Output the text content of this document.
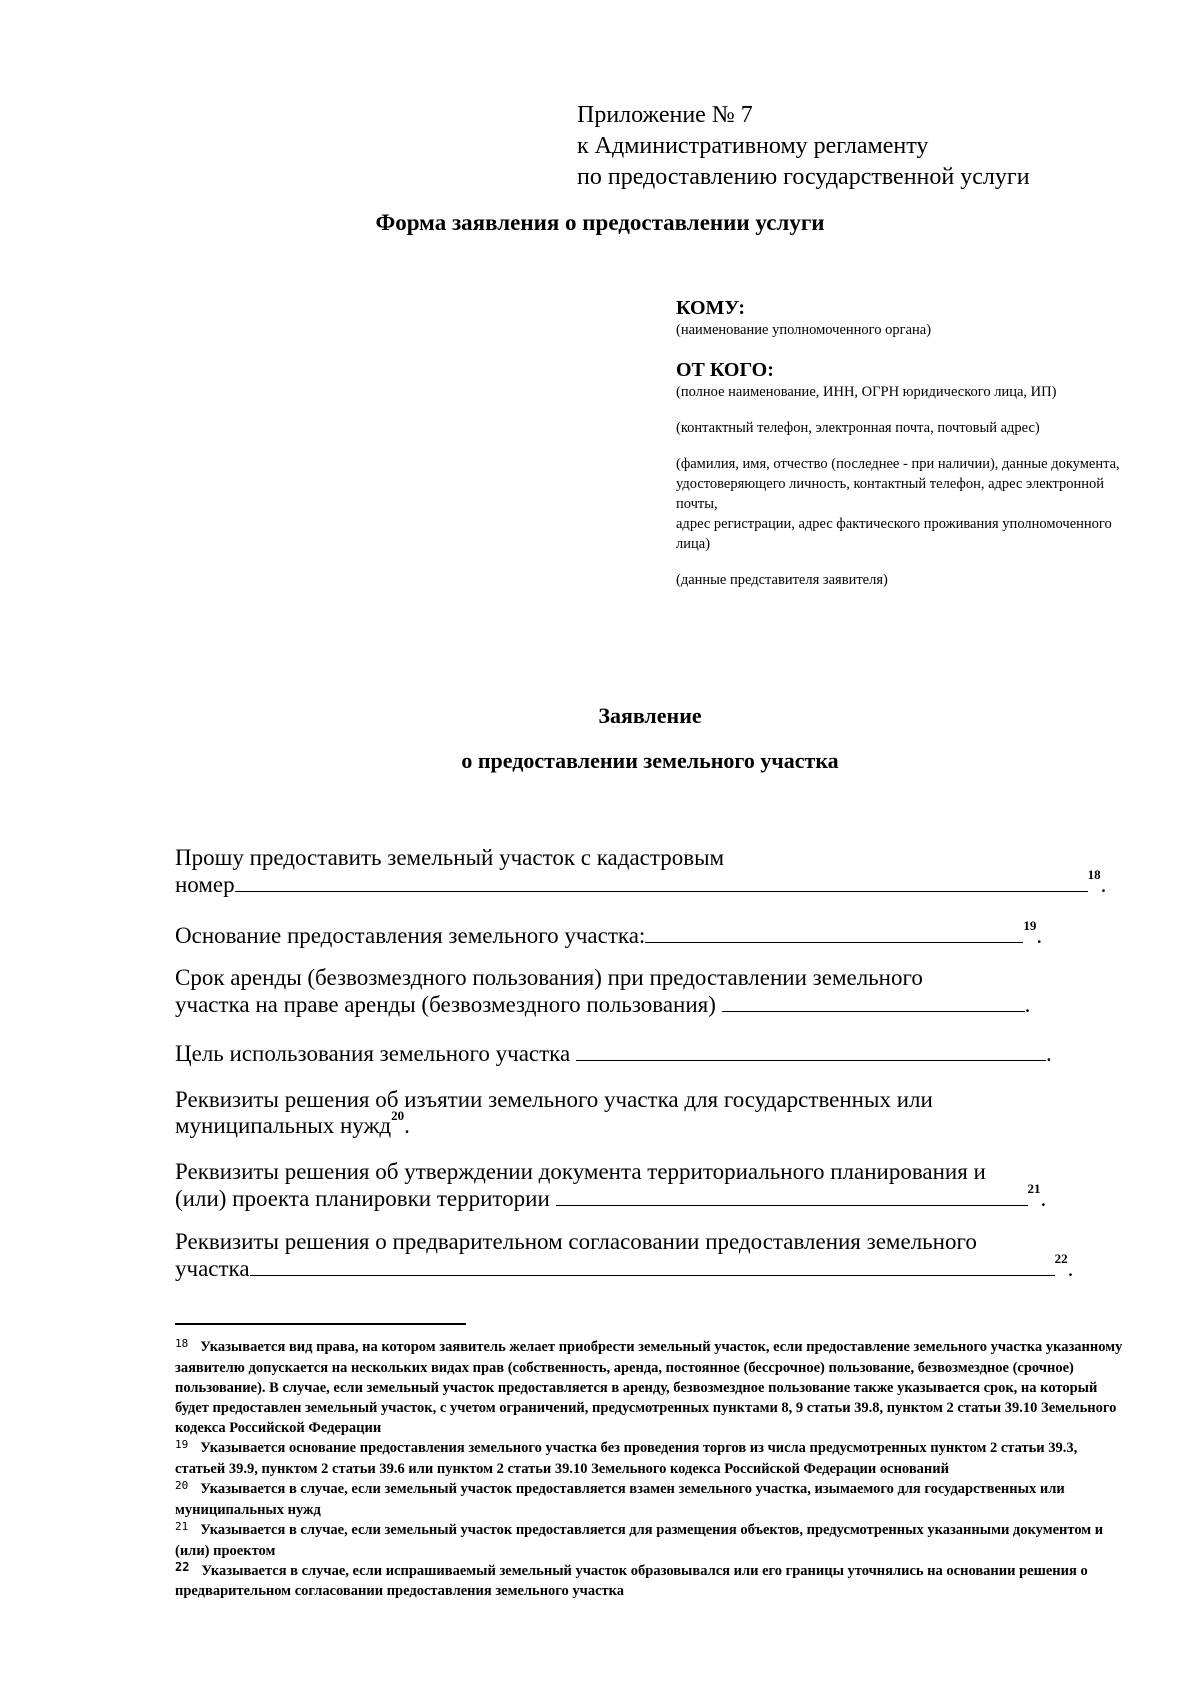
Приложение № 7
к Административному регламенту
по предоставлению государственной услуги
Форма заявления о предоставлении услуги
КОМУ:
(наименование уполномоченного органа)
ОТ КОГО:
(полное наименование, ИНН, ОГРН юридического лица, ИП)
(контактный телефон, электронная почта, почтовый адрес)
(фамилия, имя, отчество (последнее - при наличии), данные документа,
удостоверяющего личность, контактный телефон, адрес электронной почты,
адрес регистрации, адрес фактического проживания уполномоченного лица)
(данные представителя заявителя)
Заявление
о предоставлении земельного участка
Прошу предоставить земельный участок с кадастровым
номер	$^{18}$.
Основание предоставления земельного участка:	$^{19}$.
Срок аренды (безвозмездного пользования) при предоставлении земельного
участка на праве аренды (безвозмездного пользования)	.
Цель использования земельного участка	.
Реквизиты решения об изъятии земельного участка для государственных или
муниципальных нужд$^{20}$.
Реквизиты решения об утверждении документа территориального планирования и
(или) проекта планировки территории	$^{21}$.
Реквизиты решения о предварительном согласовании предоставления земельного
участка	$^{22}$.

$^{18}$ Указывается вид права, на котором заявитель желает приобрести земельный участок, если предоставление земельного участка указанному заявителю допускается на нескольких видах прав (собственность, аренда, постоянное (бессрочное) пользование, безвозмездное (срочное) пользование). В случае, если земельный участок предоставляется в аренду, безвозмездное пользование также указывается срок, на который будет предоставлен земельный участок, с учетом ограничений, предусмотренных пунктами 8, 9 статьи 39.8, пунктом 2 статьи 39.10 Земельного кодекса Российской Федерации

$^{19}$ Указывается основание предоставления земельного участка без проведения торгов из числа предусмотренных пунктом 2 статьи 39.3, статьей 39.9, пунктом 2 статьи 39.6 или пунктом 2 статьи 39.10 Земельного кодекса Российской Федерации оснований

$^{20}$ Указывается в случае, если земельный участок предоставляется взамен земельного участка, изымаемого для государственных или муниципальных нужд

$^{21}$ Указывается в случае, если земельный участок предоставляется для размещения объектов, предусмотренных указанными документом и (или) проектом

$^{22}$ Указывается в случае, если испрашиваемый земельный участок образовывался или его границы уточнялись на основании решения о предварительном согласовании предоставления земельного участка
